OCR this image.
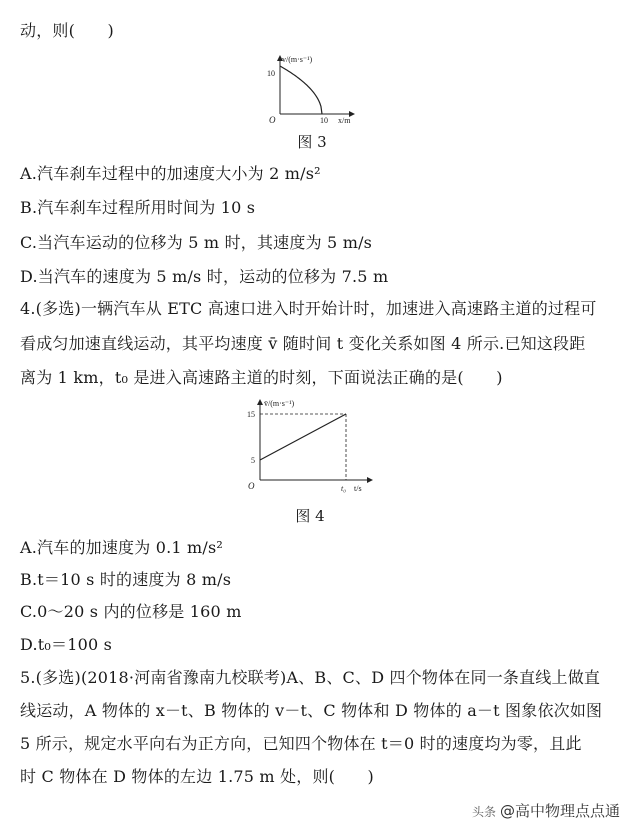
动，则(　　)
v/(m·s⁻¹)
x/m
O
10
10
图 3
A.汽车刹车过程中的加速度大小为 2 m/s²
B.汽车刹车过程所用时间为 10 s
C.当汽车运动的位移为 5 m 时，其速度为 5 m/s
D.当汽车的速度为 5 m/s 时，运动的位移为 7.5 m
4.(多选)一辆汽车从 ETC 高速口进入时开始计时，加速进入高速路主道的过程可
看成匀加速直线运动，其平均速度 v̄ 随时间 t 变化关系如图 4 所示.已知这段距
离为 1 km，t₀ 是进入高速路主道的时刻，下面说法正确的是(　　)
v̄/(m·s⁻¹)
t/s
O
15
5
t₀
图 4
A.汽车的加速度为 0.1 m/s²
B.t＝10 s 时的速度为 8 m/s
C.0～20 s 内的位移是 160 m
D.t₀＝100 s
5.(多选)(2018·河南省豫南九校联考)A、B、C、D 四个物体在同一条直线上做直
线运动，A 物体的 x－t、B 物体的 v－t、C 物体和 D 物体的 a－t 图象依次如图
5 所示，规定水平向右为正方向，已知四个物体在 t＝0 时的速度均为零，且此
时 C 物体在 D 物体的左边 1.75 m 处，则(　　)
头条 @高中物理点点通
